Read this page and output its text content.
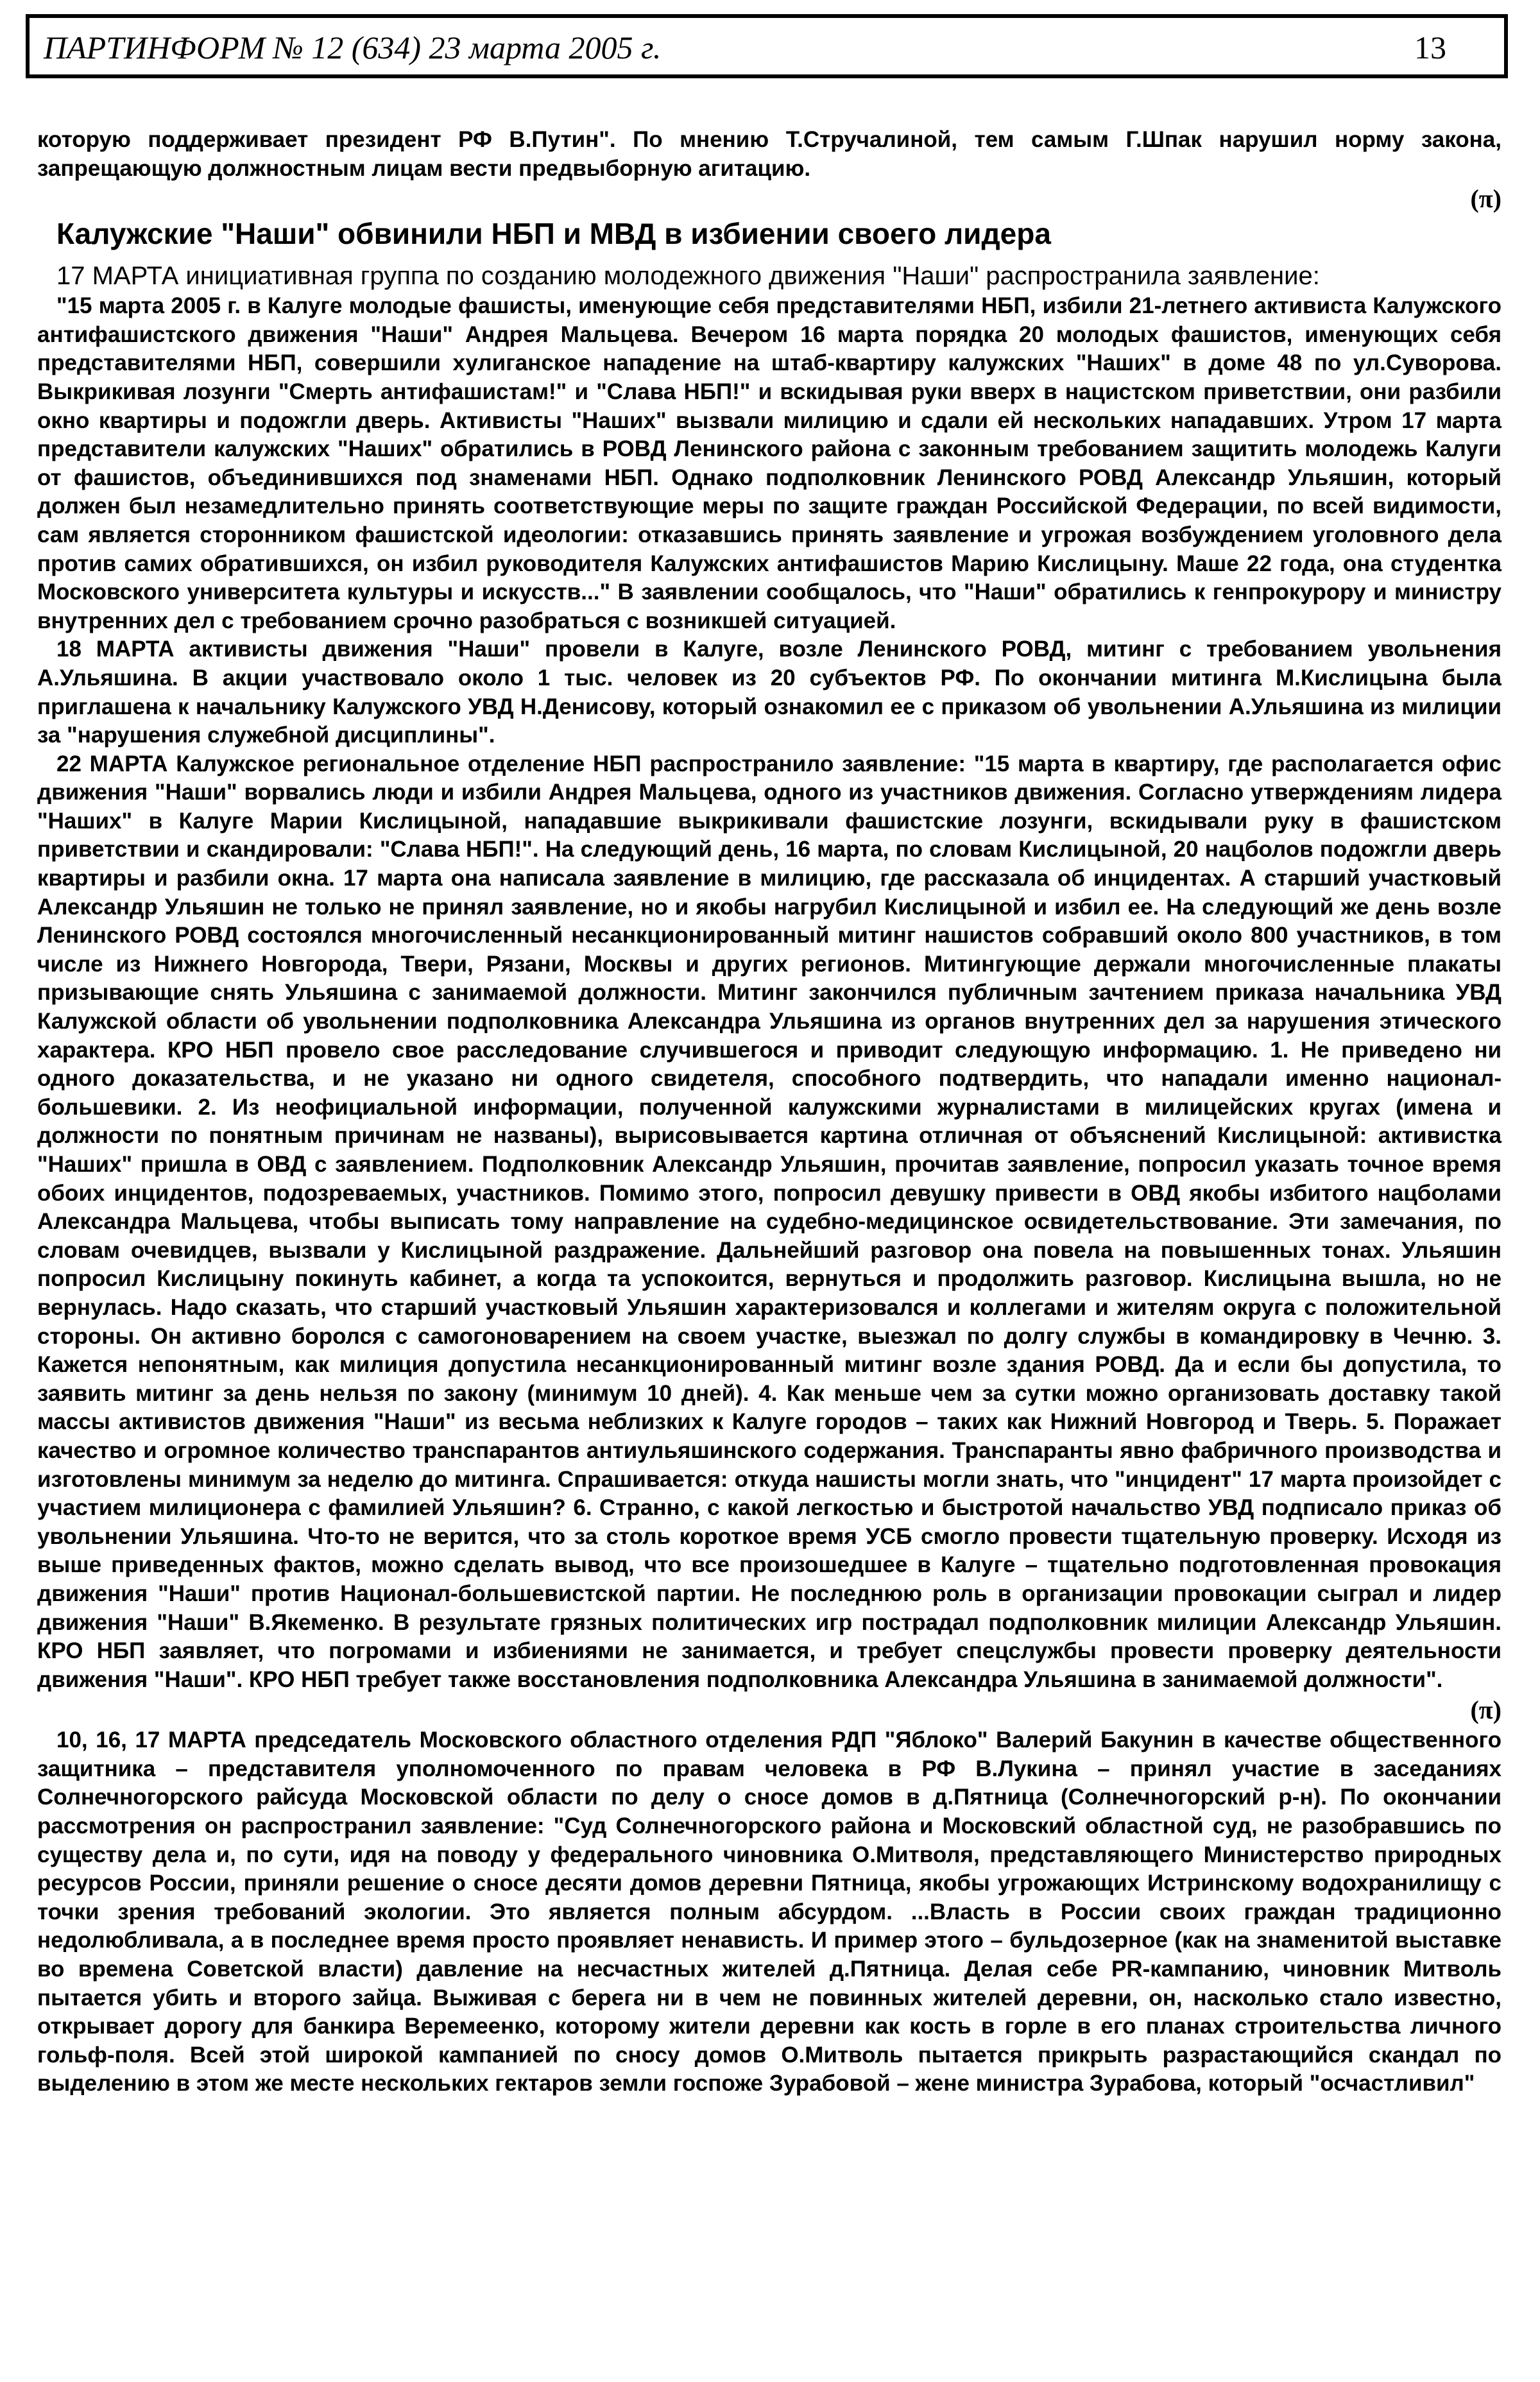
ПАРТИНФОРМ № 12 (634) 23 марта 2005 г.	13

которую поддерживает президент РФ В.Путин". По мнению Т.Стручалиной, тем самым Г.Шпак нарушил норму закона, запрещающую должностным лицам вести предвыборную агитацию.

(π)

Калужские "Наши" обвинили НБП и МВД в избиении своего лидера

17 МАРТА инициативная группа по созданию молодежного движения "Наши" распространила заявление:

"15 марта 2005 г. в Калуге молодые фашисты, именующие себя представителями НБП, избили 21-летнего активиста Калужского антифашистского движения "Наши" Андрея Мальцева. Вечером 16 марта порядка 20 молодых фашистов, именующих себя представителями НБП, совершили хулиганское нападение на штаб-квартиру калужских "Наших" в доме 48 по ул.Суворова. Выкрикивая лозунги "Смерть антифашистам!" и "Слава НБП!" и вскидывая руки вверх в нацистском приветствии, они разбили окно квартиры и подожгли дверь. Активисты "Наших" вызвали милицию и сдали ей нескольких нападавших. Утром 17 марта представители калужских "Наших" обратились в РОВД Ленинского района с законным требованием защитить молодежь Калуги от фашистов, объединившихся под знаменами НБП. Однако подполковник Ленинского РОВД Александр Ульяшин, который должен был незамедлительно принять соответствующие меры по защите граждан Российской Федерации, по всей видимости, сам является сторонником фашистской идеологии: отказавшись принять заявление и угрожая возбуждением уголовного дела против самих обратившихся, он избил руководителя Калужских антифашистов Марию Кислицыну. Маше 22 года, она студентка Московского университета культуры и искусств..." В заявлении сообщалось, что "Наши" обратились к генпрокурору и министру внутренних дел с требованием срочно разобраться с возникшей ситуацией.

18 МАРТА активисты движения "Наши" провели в Калуге, возле Ленинского РОВД, митинг с требованием увольнения А.Ульяшина. В акции участвовало около 1 тыс. человек из 20 субъектов РФ. По окончании митинга М.Кислицына была приглашена к начальнику Калужского УВД Н.Денисову, который ознакомил ее с приказом об увольнении А.Ульяшина из милиции за "нарушения служебной дисциплины".

22 МАРТА Калужское региональное отделение НБП распространило заявление: "15 марта в квартиру, где располагается офис движения "Наши" ворвались люди и избили Андрея Мальцева, одного из участников движения. Согласно утверждениям лидера "Наших" в Калуге Марии Кислицыной, нападавшие выкрикивали фашистские лозунги, вскидывали руку в фашистском приветствии и скандировали: "Слава НБП!". На следующий день, 16 марта, по словам Кислицыной, 20 нацболов подожгли дверь квартиры и разбили окна. 17 марта она написала заявление в милицию, где рассказала об инцидентах. А старший участковый Александр Ульяшин не только не принял заявление, но и якобы нагрубил Кислицыной и избил ее. На следующий же день возле Ленинского РОВД состоялся многочисленный несанкционированный митинг нашистов собравший около 800 участников, в том числе из Нижнего Новгорода, Твери, Рязани, Москвы и других регионов. Митингующие держали многочисленные плакаты призывающие снять Ульяшина с занимаемой должности. Митинг закончился публичным зачтением приказа начальника УВД Калужской области об увольнении подполковника Александра Ульяшина из органов внутренних дел за нарушения этического характера. КРО НБП провело свое расследование случившегося и приводит следующую информацию. 1. Не приведено ни одного доказательства, и не указано ни одного свидетеля, способного подтвердить, что нападали именно национал-большевики. 2. Из неофициальной информации, полученной калужскими журналистами в милицейских кругах (имена и должности по понятным причинам не названы), вырисовывается картина отличная от объяснений Кислицыной: активистка "Наших" пришла в ОВД с заявлением. Подполковник Александр Ульяшин, прочитав заявление, попросил указать точное время обоих инцидентов, подозреваемых, участников. Помимо этого, попросил девушку привести в ОВД якобы избитого нацболами Александра Мальцева, чтобы выписать тому направление на судебно-медицинское освидетельствование. Эти замечания, по словам очевидцев, вызвали у Кислицыной раздражение. Дальнейший разговор она повела на повышенных тонах. Ульяшин попросил Кислицыну покинуть кабинет, а когда та успокоится, вернуться и продолжить разговор. Кислицына вышла, но не вернулась. Надо сказать, что старший участковый Ульяшин характеризовался и коллегами и жителям округа с положительной стороны. Он активно боролся с самогоноварением на своем участке, выезжал по долгу службы в командировку в Чечню. 3. Кажется непонятным, как милиция допустила несанкционированный митинг возле здания РОВД. Да и если бы допустила, то заявить митинг за день нельзя по закону (минимум 10 дней). 4. Как меньше чем за сутки можно организовать доставку такой массы активистов движения "Наши" из весьма неблизких к Калуге городов – таких как Нижний Новгород и Тверь. 5. Поражает качество и огромное количество транспарантов антиульяшинского содержания. Транспаранты явно фабричного производства и изготовлены минимум за неделю до митинга. Спрашивается: откуда нашисты могли знать, что "инцидент" 17 марта произойдет с участием милиционера с фамилией Ульяшин? 6. Странно, с какой легкостью и быстротой начальство УВД подписало приказ об увольнении Ульяшина. Что-то не верится, что за столь короткое время УСБ смогло провести тщательную проверку. Исходя из выше приведенных фактов, можно сделать вывод, что все произошедшее в Калуге – тщательно подготовленная провокация движения "Наши" против Национал-большевистской партии. Не последнюю роль в организации провокации сыграл и лидер движения "Наши" В.Якеменко. В результате грязных политических игр пострадал подполковник милиции Александр Ульяшин. КРО НБП заявляет, что погромами и избиениями не занимается, и требует спецслужбы провести проверку деятельности движения "Наши". КРО НБП требует также восстановления подполковника Александра Ульяшина в занимаемой должности".

(π)

10, 16, 17 МАРТА председатель Московского областного отделения РДП "Яблоко" Валерий Бакунин в качестве общественного защитника – представителя уполномоченного по правам человека в РФ В.Лукина – принял участие в заседаниях Солнечногорского райсуда Московской области по делу о сносе домов в д.Пятница (Солнечногорский р-н). По окончании рассмотрения он распространил заявление: "Суд Солнечногорского района и Московский областной суд, не разобравшись по существу дела и, по сути, идя на поводу у федерального чиновника О.Митволя, представляющего Министерство природных ресурсов России, приняли решение о сносе десяти домов деревни Пятница, якобы угрожающих Истринскому водохранилищу с точки зрения требований экологии. Это является полным абсурдом. ...Власть в России своих граждан традиционно недолюбливала, а в последнее время просто проявляет ненависть. И пример этого – бульдозерное (как на знаменитой выставке во времена Советской власти) давление на несчастных жителей д.Пятница. Делая себе PR-кампанию, чиновник Митволь пытается убить и второго зайца. Выживая с берега ни в чем не повинных жителей деревни, он, насколько стало известно, открывает дорогу для банкира Веремеенко, которому жители деревни как кость в горле в его планах строительства личного гольф-поля. Всей этой широкой кампанией по сносу домов О.Митволь пытается прикрыть разрастающийся скандал по выделению в этом же месте нескольких гектаров земли госпоже Зурабовой – жене министра Зурабова, который "осчастливил"
